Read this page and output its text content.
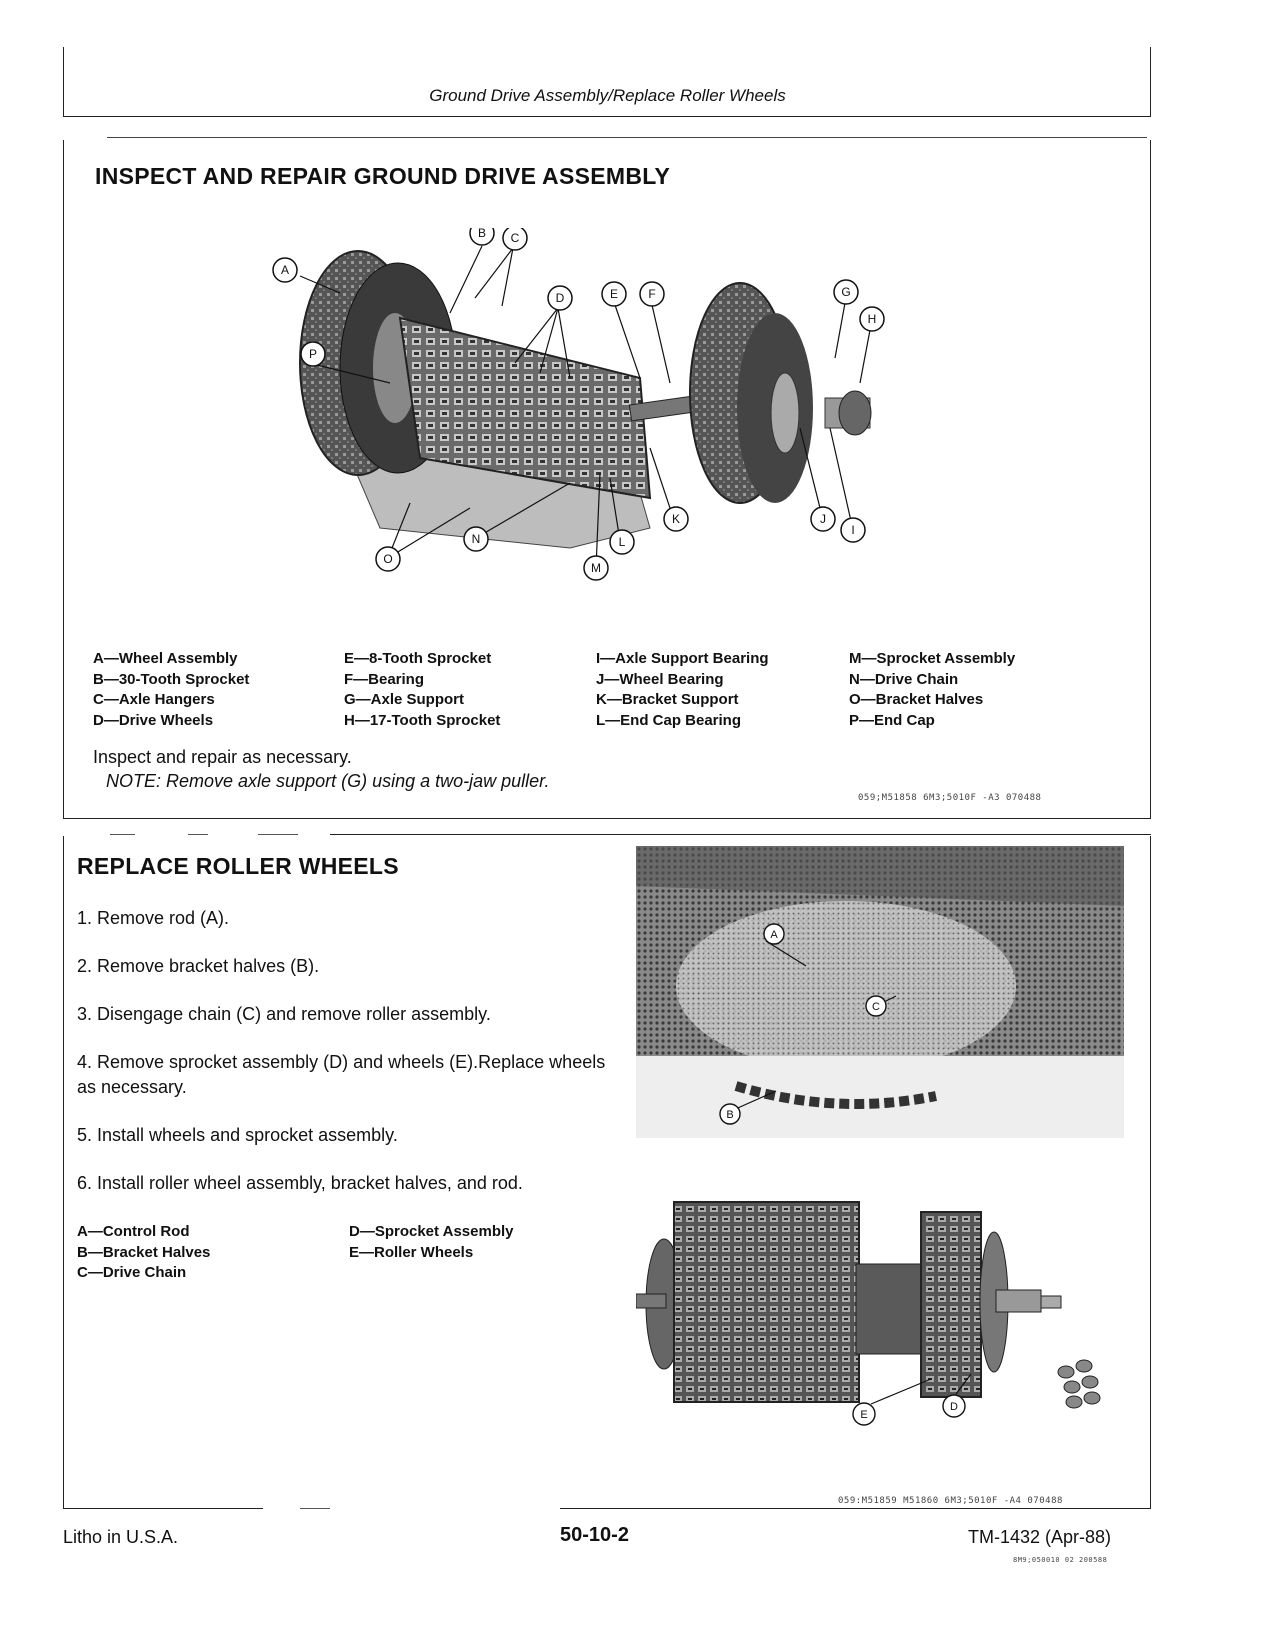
Ground Drive Assembly/Replace Roller Wheels
INSPECT AND REPAIR GROUND DRIVE ASSEMBLY
A
B C
D	E	F	G
H
I
J
K
L
M
N
O
P
A—Wheel Assembly
B—30-Tooth Sprocket
C—Axle Hangers
D—Drive Wheels
E—8-Tooth Sprocket
F—Bearing
G—Axle Support
H—17-Tooth Sprocket
I—Axle Support Bearing
J—Wheel Bearing
K—Bracket Support
L—End Cap Bearing
M—Sprocket Assembly
N—Drive Chain
O—Bracket Halves
P—End Cap
Inspect and repair as necessary.
NOTE: Remove axle support (G) using a two-jaw puller.
059;M51858 6M3;5010F -A3 070488
REPLACE ROLLER WHEELS
1. Remove rod (A).
2. Remove bracket halves (B).
3. Disengage chain (C) and remove roller assembly.
4. Remove sprocket assembly (D) and wheels (E).Replace wheels as necessary.
5. Install wheels and sprocket assembly.
6. Install roller wheel assembly, bracket halves, and rod.
A—Control Rod
B—Bracket Halves
C—Drive Chain
D—Sprocket Assembly
E—Roller Wheels
A
B
C
E
D
059:M51859 M51860 6M3;5010F -A4 070488
Litho in U.S.A.	50-10-2	TM-1432 (Apr-88)
8M9;050010 02 200588
